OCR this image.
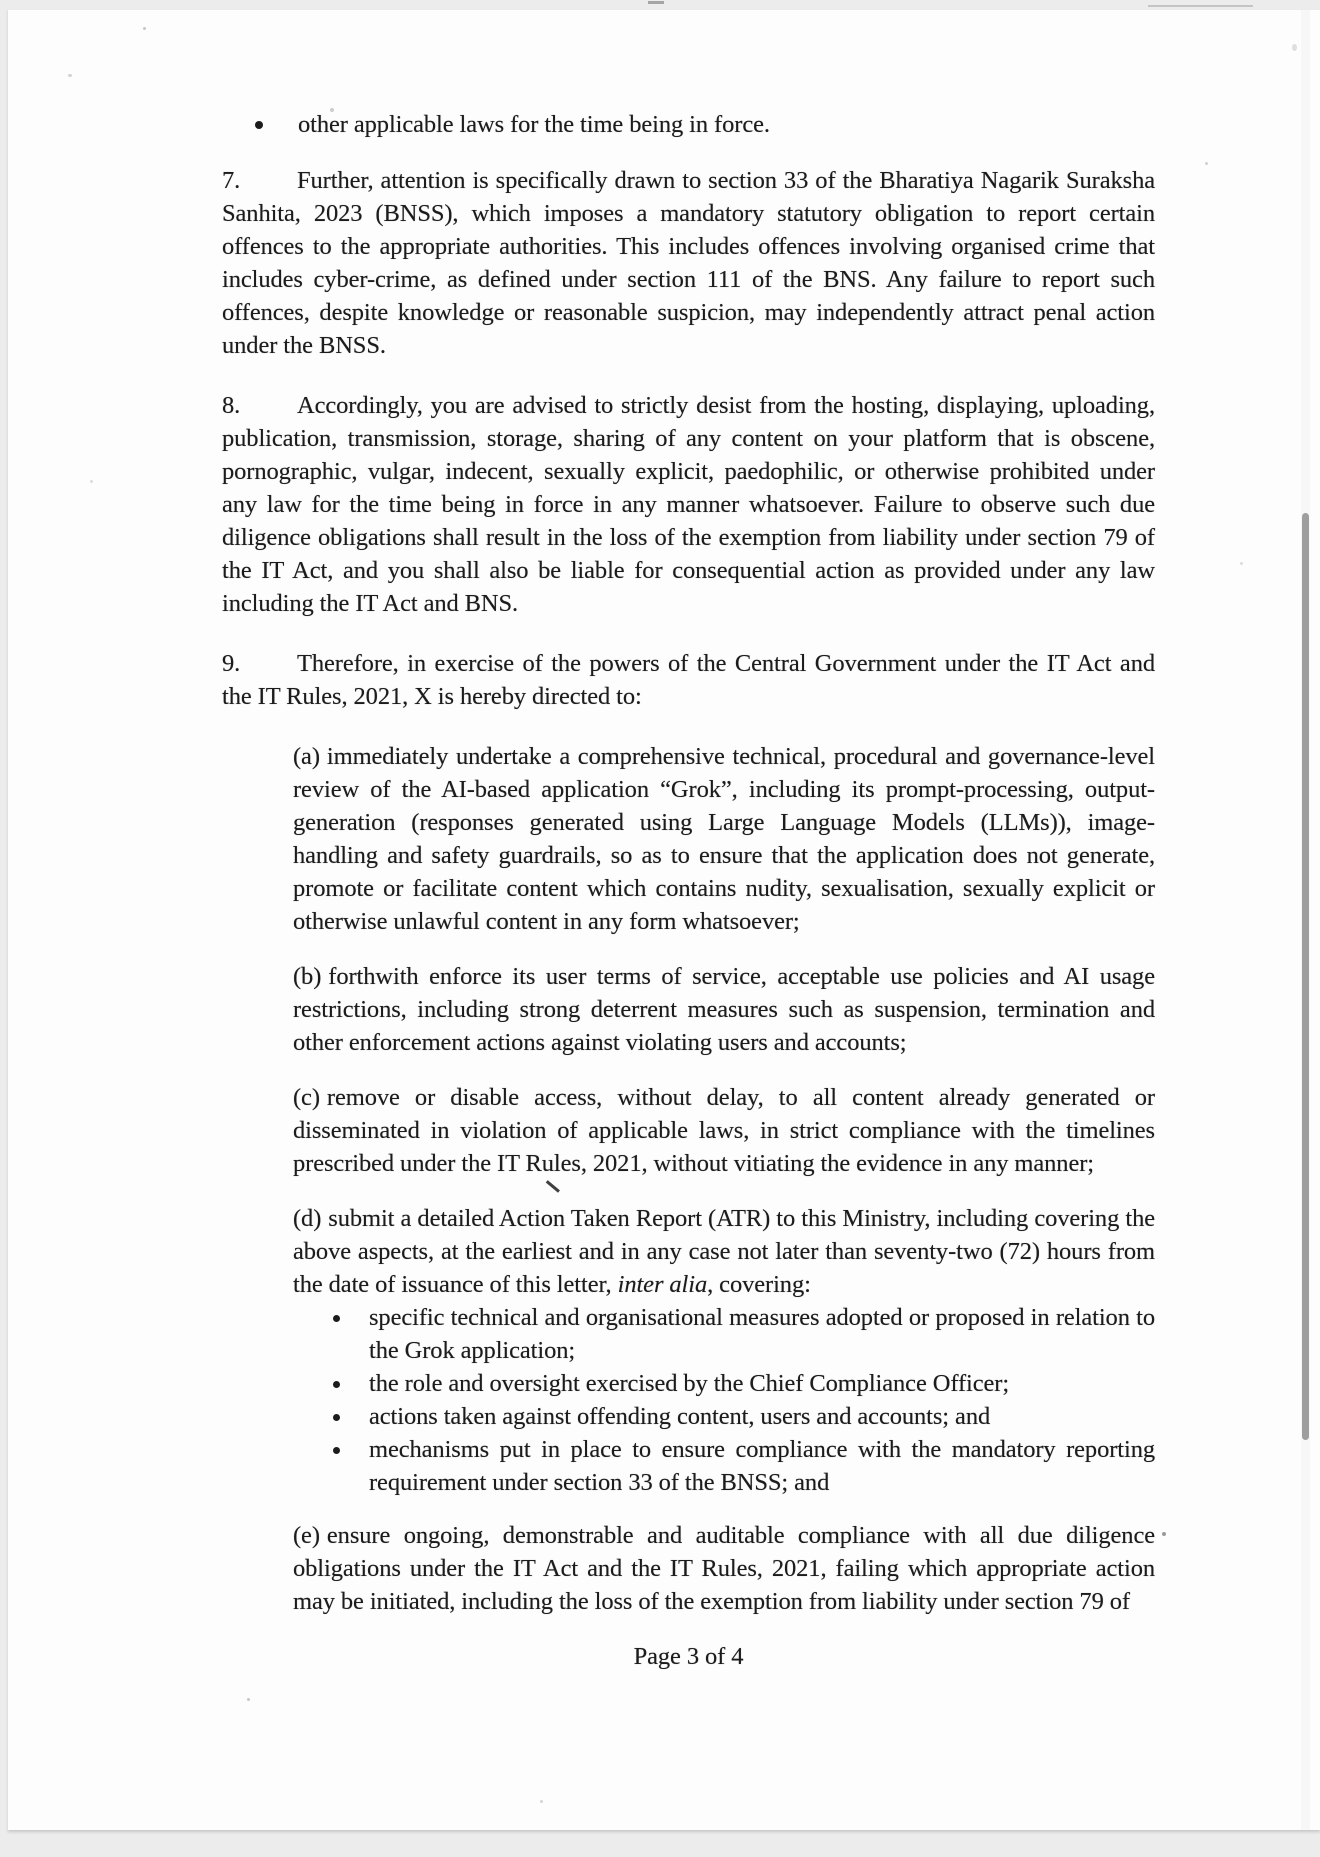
other applicable laws for the time being in force.

7. Further, attention is specifically drawn to section 33 of the Bharatiya Nagarik Suraksha Sanhita, 2023 (BNSS), which imposes a mandatory statutory obligation to report certain offences to the appropriate authorities. This includes offences involving organised crime that includes cyber-crime, as defined under section 111 of the BNS. Any failure to report such offences, despite knowledge or reasonable suspicion, may independently attract penal action under the BNSS.

8. Accordingly, you are advised to strictly desist from the hosting, displaying, uploading, publication, transmission, storage, sharing of any content on your platform that is obscene, pornographic, vulgar, indecent, sexually explicit, paedophilic, or otherwise prohibited under any law for the time being in force in any manner whatsoever. Failure to observe such due diligence obligations shall result in the loss of the exemption from liability under section 79 of the IT Act, and you shall also be liable for consequential action as provided under any law including the IT Act and BNS.

9. Therefore, in exercise of the powers of the Central Government under the IT Act and the IT Rules, 2021, X is hereby directed to:

(a) immediately undertake a comprehensive technical, procedural and governance-level review of the AI-based application “Grok”, including its prompt-processing, output-generation (responses generated using Large Language Models (LLMs)), image-handling and safety guardrails, so as to ensure that the application does not generate, promote or facilitate content which contains nudity, sexualisation, sexually explicit or otherwise unlawful content in any form whatsoever;

(b) forthwith enforce its user terms of service, acceptable use policies and AI usage restrictions, including strong deterrent measures such as suspension, termination and other enforcement actions against violating users and accounts;

(c) remove or disable access, without delay, to all content already generated or disseminated in violation of applicable laws, in strict compliance with the timelines prescribed under the IT Rules, 2021, without vitiating the evidence in any manner;

(d) submit a detailed Action Taken Report (ATR) to this Ministry, including covering the above aspects, at the earliest and in any case not later than seventy-two (72) hours from the date of issuance of this letter, inter alia, covering:

specific technical and organisational measures adopted or proposed in relation to the Grok application;
the role and oversight exercised by the Chief Compliance Officer;
actions taken against offending content, users and accounts; and
mechanisms put in place to ensure compliance with the mandatory reporting requirement under section 33 of the BNSS; and

(e) ensure ongoing, demonstrable and auditable compliance with all due diligence obligations under the IT Act and the IT Rules, 2021, failing which appropriate action may be initiated, including the loss of the exemption from liability under section 79 of

Page 3 of 4
